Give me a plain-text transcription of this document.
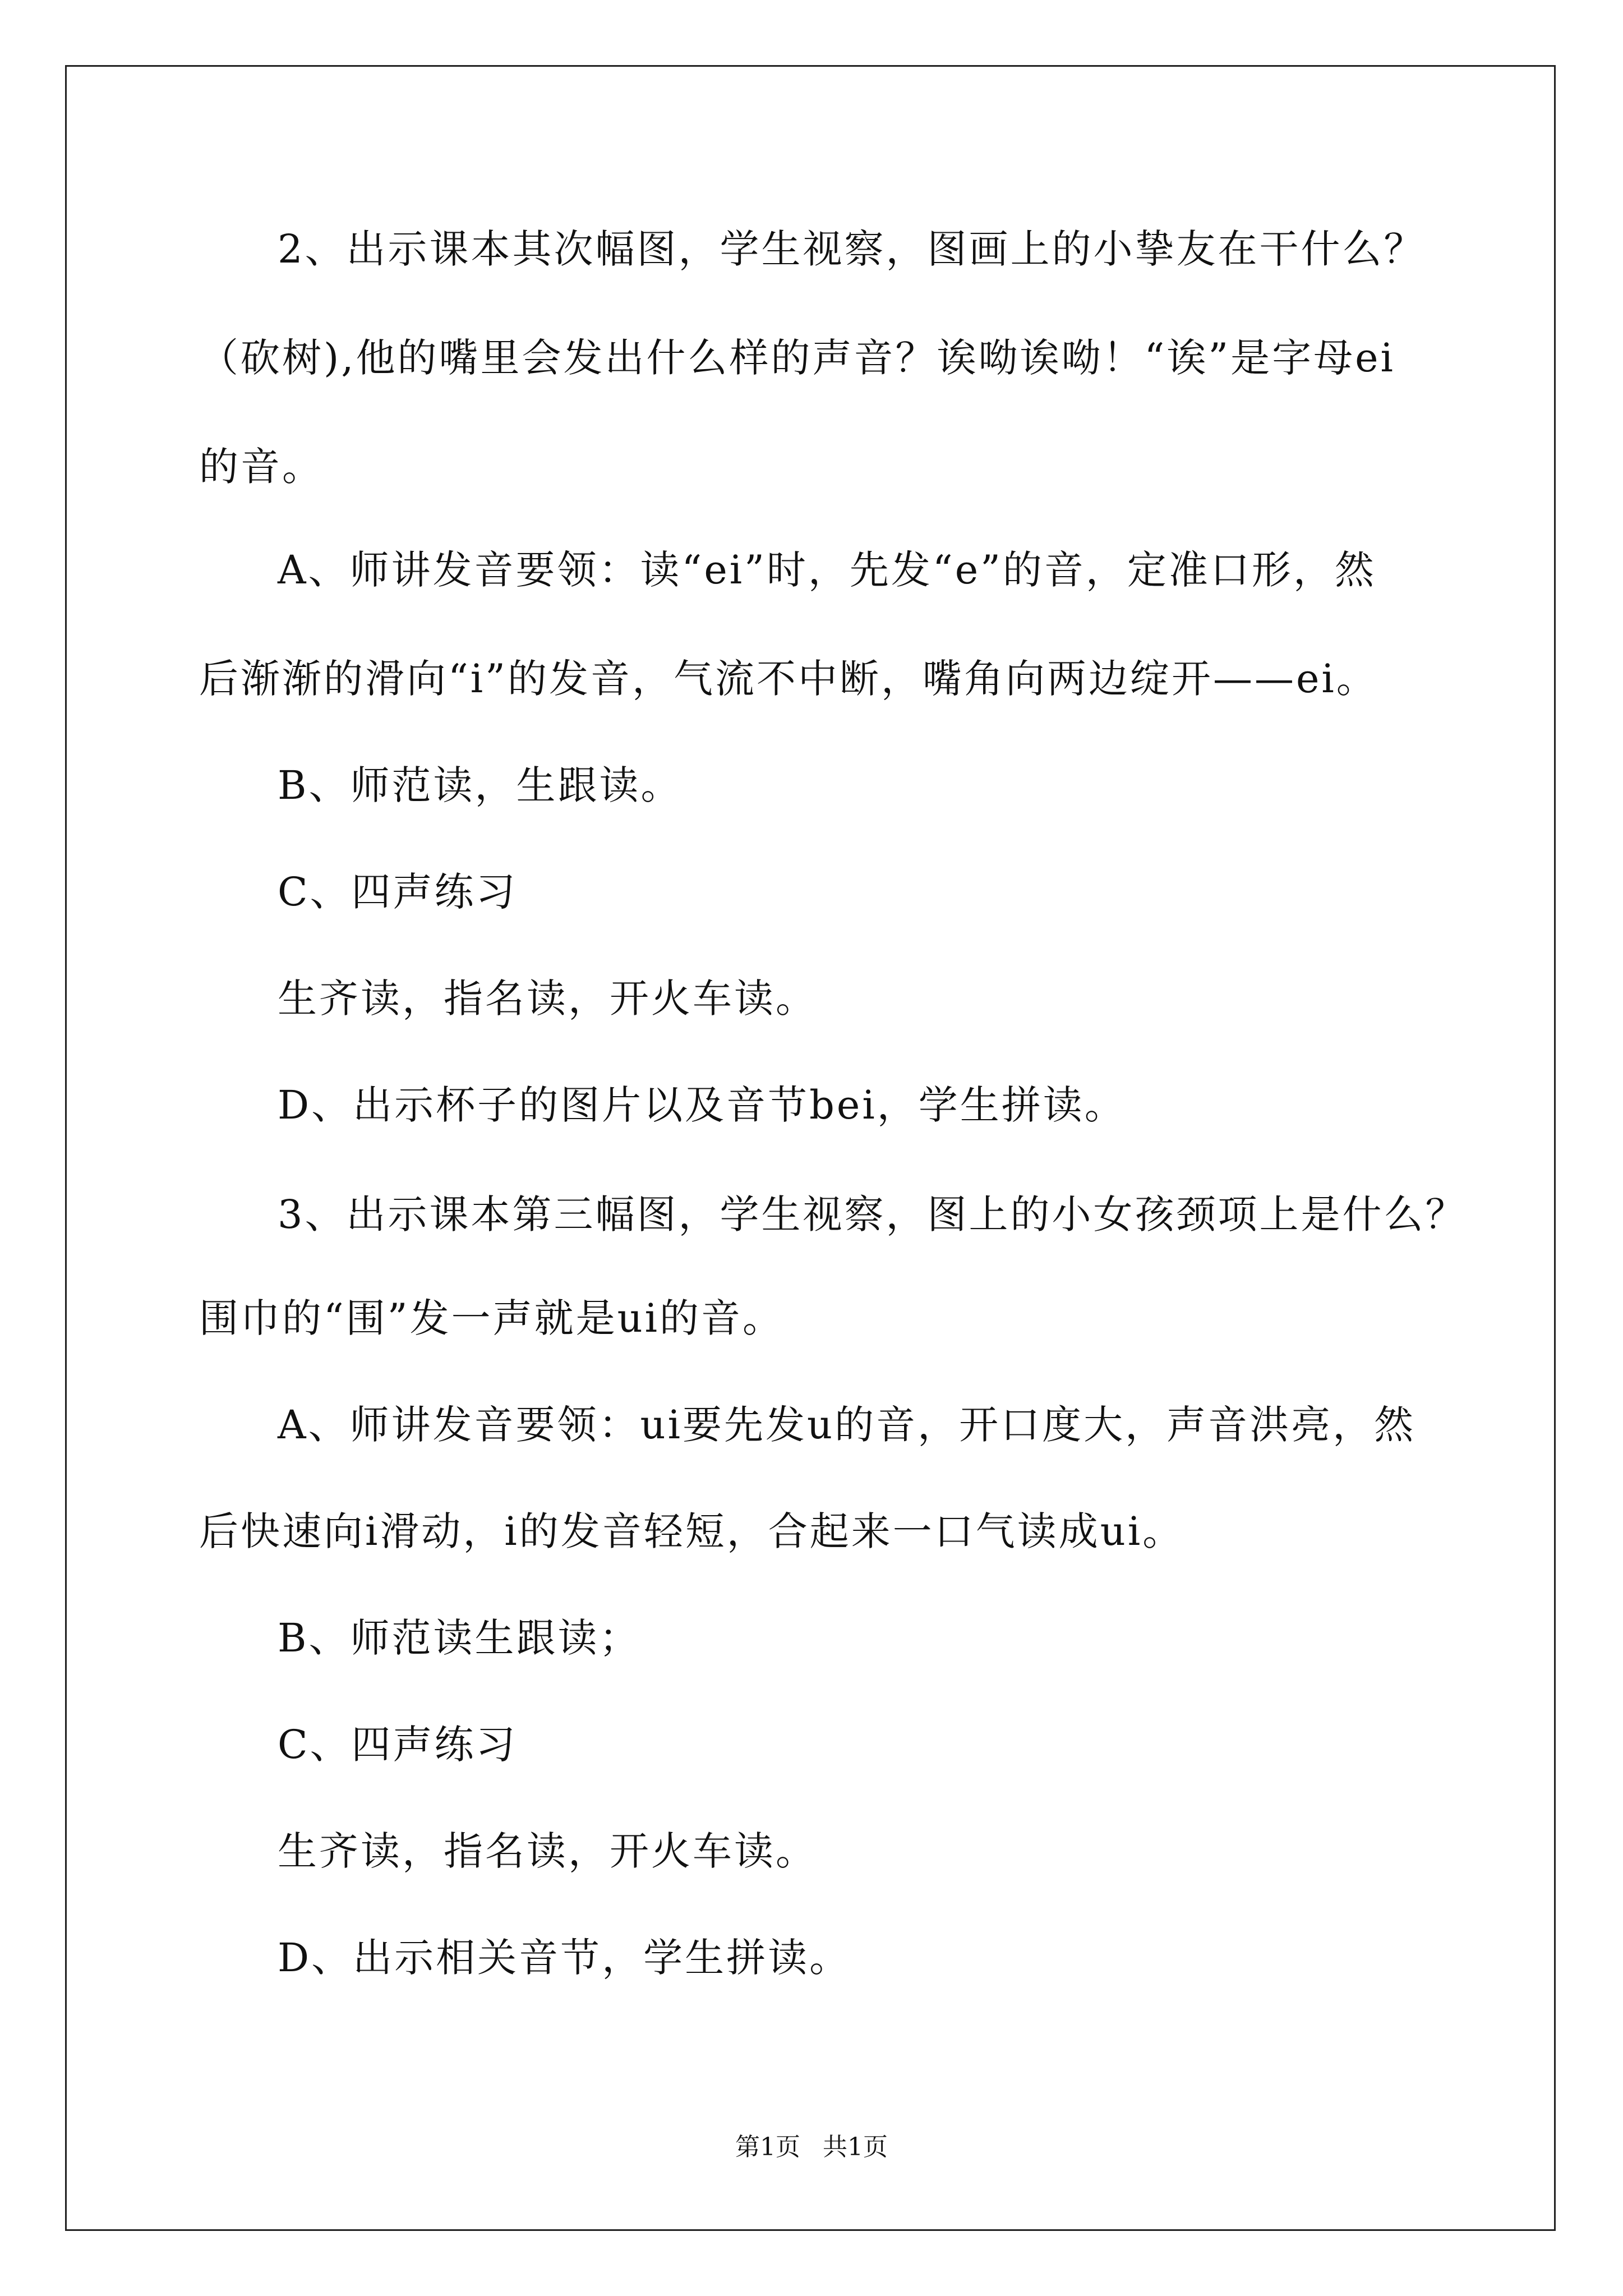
2、出示课本其次幅图，学生视察，图画上的小挚友在干什么？
（砍树),他的嘴里会发出什么样的声音？诶呦诶呦！“诶”是字母ei
的音。
A、师讲发音要领：读“ei”时，先发“e”的音，定准口形，然
后渐渐的滑向“i”的发音，气流不中断，嘴角向两边绽开——ei。
B、师范读，生跟读。
C、四声练习
生齐读，指名读，开火车读。
D、出示杯子的图片以及音节bei，学生拼读。
3、出示课本第三幅图，学生视察，图上的小女孩颈项上是什么？
围巾的“围”发一声就是ui的音。
A、师讲发音要领：ui要先发u的音，开口度大，声音洪亮，然
后快速向i滑动，i的发音轻短，合起来一口气读成ui。
B、师范读生跟读；
C、四声练习
生齐读，指名读，开火车读。
D、出示相关音节，学生拼读。
第1页 共1页
